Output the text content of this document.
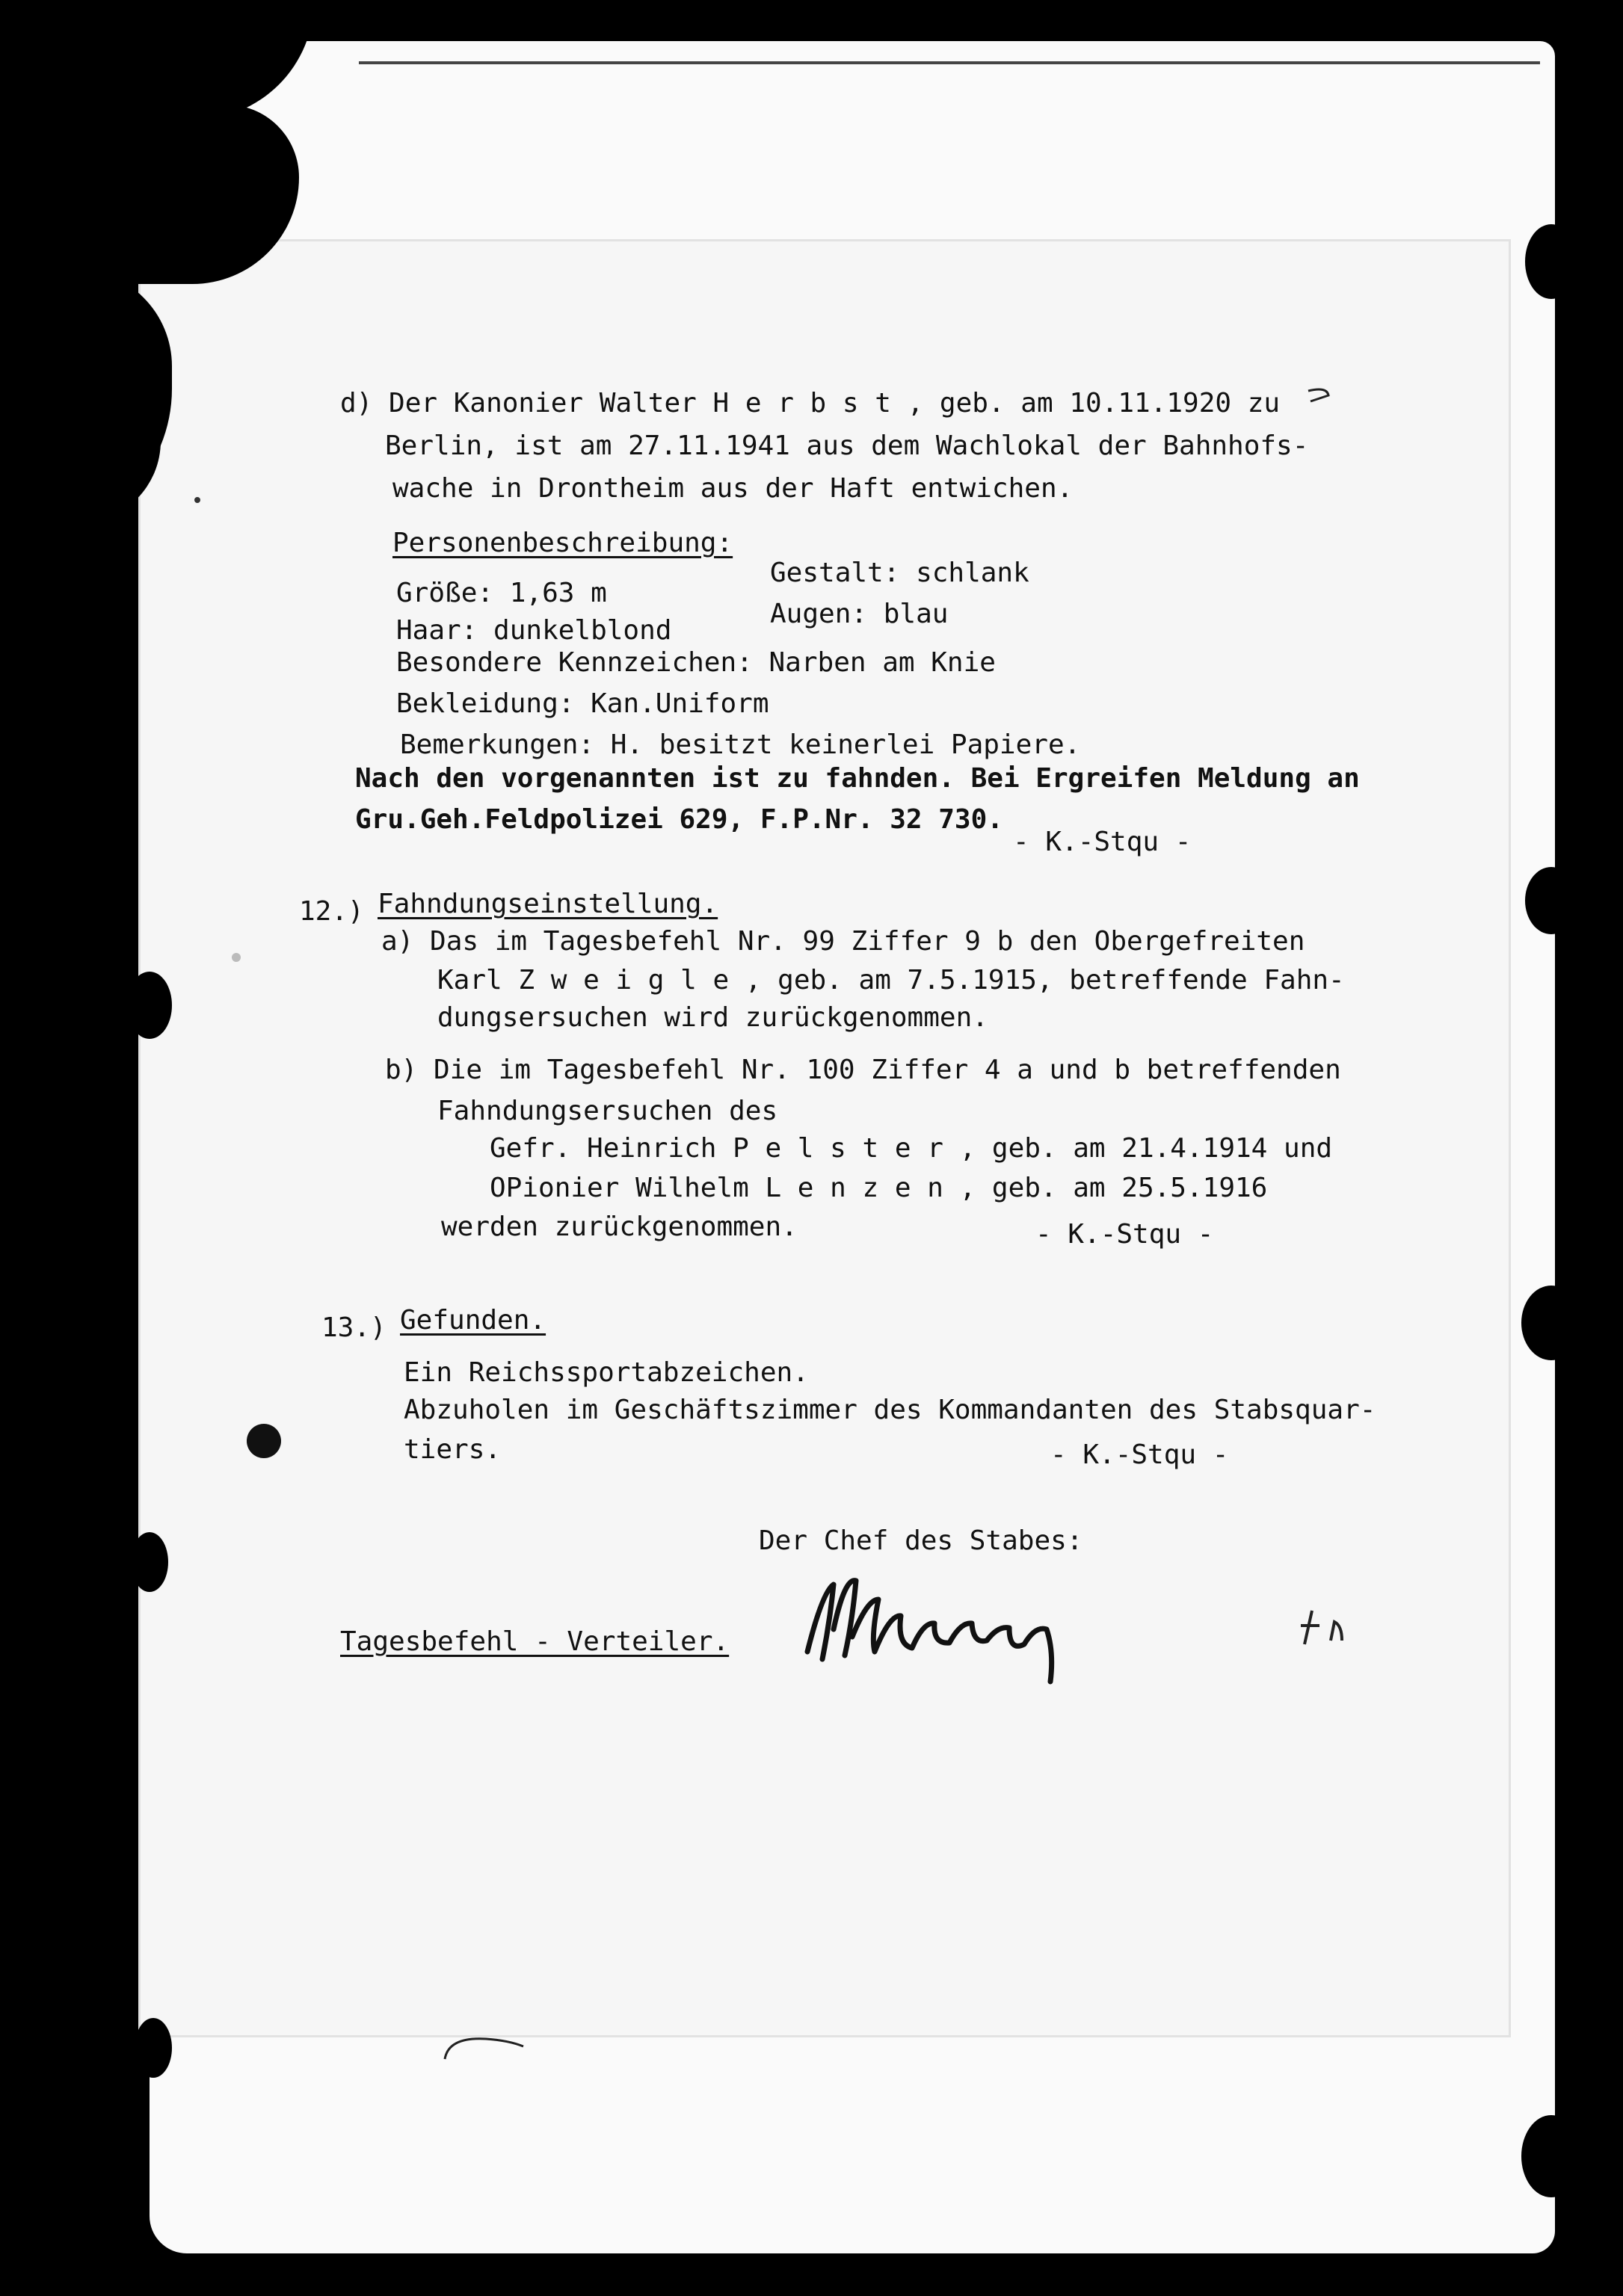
d) Der Kanonier Walter H e r b s t , geb. am 10.11.1920 zu
Berlin, ist am 27.11.1941 aus dem Wachlokal der Bahnhofs-
wache in Drontheim aus der Haft entwichen.
Personenbeschreibung:
Größe: 1,63 m
Gestalt: schlank
Haar: dunkelblond
Augen: blau
Besondere Kennzeichen: Narben am Knie
Bekleidung: Kan.Uniform
Bemerkungen: H. besitzt keinerlei Papiere.
Nach den vorgenannten ist zu fahnden. Bei Ergreifen Meldung an
Gru.Geh.Feldpolizei 629, F.P.Nr. 32 730.
- K.-Stqu -
12.) Fahndungseinstellung.
a) Das im Tagesbefehl Nr. 99 Ziffer 9 b den Obergefreiten
Karl Z w e i g l e , geb. am 7.5.1915, betreffende Fahn-
dungsersuchen wird zurückgenommen.
b) Die im Tagesbefehl Nr. 100 Ziffer 4 a und b betreffenden
Fahndungsersuchen des
Gefr. Heinrich P e l s t e r , geb. am 21.4.1914 und
OPionier Wilhelm L e n z e n , geb. am 25.5.1916
werden zurückgenommen.	- K.-Stqu -
13.) Gefunden.
Ein Reichssportabzeichen.
Abzuholen im Geschäftszimmer des Kommandanten des Stabsquar-
tiers.	- K.-Stqu -
Der Chef des Stabes:
Tagesbefehl - Verteiler.
